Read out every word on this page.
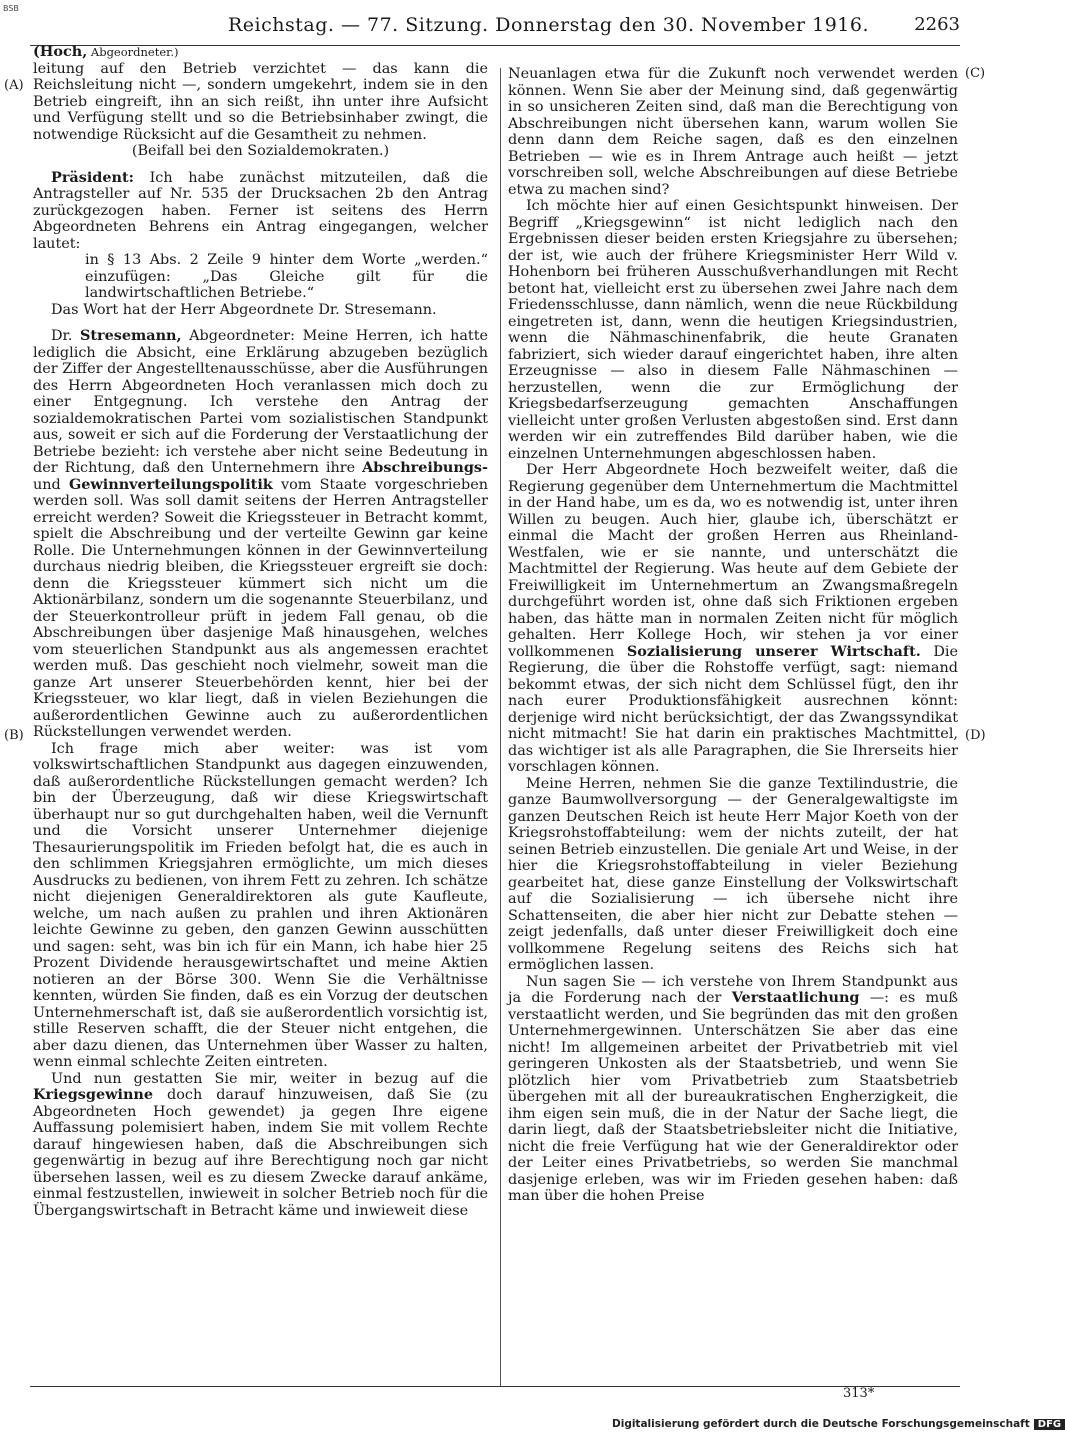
BSB
Reichstag. — 77. Sitzung. Donnerstag den 30. November 1916.	2263
(A)
(B)
(C)
(D)

(Hoch, Abgeordneter.)

leitung auf den Betrieb verzichtet — das kann die Reichsleitung nicht —, sondern umgekehrt, indem sie in den Betrieb eingreift, ihn an sich reißt, ihn unter ihre Aufsicht und Verfügung stellt und so die Betriebsinhaber zwingt, die notwendige Rücksicht auf die Gesamtheit zu nehmen.

(Beifall bei den Sozialdemokraten.)

Präsident: Ich habe zunächst mitzuteilen, daß die Antragsteller auf Nr. 535 der Drucksachen 2b den Antrag zurückgezogen haben. Ferner ist seitens des Herrn Abgeordneten Behrens ein Antrag eingegangen, welcher lautet:

in § 13 Abs. 2 Zeile 9 hinter dem Worte „werden.“ einzufügen: „Das Gleiche gilt für die landwirtschaftlichen Betriebe.“

Das Wort hat der Herr Abgeordnete Dr. Stresemann.

Dr. Stresemann, Abgeordneter: Meine Herren, ich hatte lediglich die Absicht, eine Erklärung abzugeben bezüglich der Ziffer der Angestelltenausschüsse, aber die Ausführungen des Herrn Abgeordneten Hoch veranlassen mich doch zu einer Entgegnung. Ich verstehe den Antrag der sozialdemokratischen Partei vom sozialistischen Standpunkt aus, soweit er sich auf die Forderung der Verstaatlichung der Betriebe bezieht: ich verstehe aber nicht seine Bedeutung in der Richtung, daß den Unternehmern ihre Abschreibungs- und Gewinnverteilungspolitik vom Staate vorgeschrieben werden soll. Was soll damit seitens der Herren Antragsteller erreicht werden? Soweit die Kriegssteuer in Betracht kommt, spielt die Abschreibung und der verteilte Gewinn gar keine Rolle. Die Unternehmungen können in der Gewinnverteilung durchaus niedrig bleiben, die Kriegssteuer ergreift sie doch: denn die Kriegssteuer kümmert sich nicht um die Aktionärbilanz, sondern um die sogenannte Steuerbilanz, und der Steuerkontrolleur prüft in jedem Fall genau, ob die Abschreibungen über dasjenige Maß hinausgehen, welches vom steuerlichen Standpunkt aus als angemessen erachtet werden muß. Das geschieht noch vielmehr, soweit man die ganze Art unserer Steuerbehörden kennt, hier bei der Kriegssteuer, wo klar liegt, daß in vielen Beziehungen die außerordentlichen Gewinne auch zu außerordentlichen Rückstellungen verwendet werden.

Ich frage mich aber weiter: was ist vom volkswirtschaftlichen Standpunkt aus dagegen einzuwenden, daß außerordentliche Rückstellungen gemacht werden? Ich bin der Überzeugung, daß wir diese Kriegswirtschaft überhaupt nur so gut durchgehalten haben, weil die Vernunft und die Vorsicht unserer Unternehmer diejenige Thesaurierungspolitik im Frieden befolgt hat, die es auch in den schlimmen Kriegsjahren ermöglichte, um mich dieses Ausdrucks zu bedienen, von ihrem Fett zu zehren. Ich schätze nicht diejenigen Generaldirektoren als gute Kaufleute, welche, um nach außen zu prahlen und ihren Aktionären leichte Gewinne zu geben, den ganzen Gewinn ausschütten und sagen: seht, was bin ich für ein Mann, ich habe hier 25 Prozent Dividende herausgewirtschaftet und meine Aktien notieren an der Börse 300. Wenn Sie die Verhältnisse kennten, würden Sie finden, daß es ein Vorzug der deutschen Unternehmerschaft ist, daß sie außerordentlich vorsichtig ist, stille Reserven schafft, die der Steuer nicht entgehen, die aber dazu dienen, das Unternehmen über Wasser zu halten, wenn einmal schlechte Zeiten eintreten.

Und nun gestatten Sie mir, weiter in bezug auf die Kriegsgewinne doch darauf hinzuweisen, daß Sie (zu Abgeordneten Hoch gewendet) ja gegen Ihre eigene Auffassung polemisiert haben, indem Sie mit vollem Rechte darauf hingewiesen haben, daß die Abschreibungen sich gegenwärtig in bezug auf ihre Berechtigung noch gar nicht übersehen lassen, weil es zu diesem Zwecke darauf ankäme, einmal festzustellen, inwieweit in solcher Betrieb noch für die Übergangswirtschaft in Betracht käme und inwieweit diese

Neuanlagen etwa für die Zukunft noch verwendet werden können. Wenn Sie aber der Meinung sind, daß gegenwärtig in so unsicheren Zeiten sind, daß man die Berechtigung von Abschreibungen nicht übersehen kann, warum wollen Sie denn dann dem Reiche sagen, daß es den einzelnen Betrieben — wie es in Ihrem Antrage auch heißt — jetzt vorschreiben soll, welche Abschreibungen auf diese Betriebe etwa zu machen sind?

Ich möchte hier auf einen Gesichtspunkt hinweisen. Der Begriff „Kriegsgewinn“ ist nicht lediglich nach den Ergebnissen dieser beiden ersten Kriegsjahre zu übersehen; der ist, wie auch der frühere Kriegsminister Herr Wild v. Hohenborn bei früheren Ausschußverhandlungen mit Recht betont hat, vielleicht erst zu übersehen zwei Jahre nach dem Friedensschlusse, dann nämlich, wenn die neue Rückbildung eingetreten ist, dann, wenn die heutigen Kriegsindustrien, wenn die Nähmaschinenfabrik, die heute Granaten fabriziert, sich wieder darauf eingerichtet haben, ihre alten Erzeugnisse — also in diesem Falle Nähmaschinen — herzustellen, wenn die zur Ermöglichung der Kriegsbedarfserzeugung gemachten Anschaffungen vielleicht unter großen Verlusten abgestoßen sind. Erst dann werden wir ein zutreffendes Bild darüber haben, wie die einzelnen Unternehmungen abgeschlossen haben.

Der Herr Abgeordnete Hoch bezweifelt weiter, daß die Regierung gegenüber dem Unternehmertum die Machtmittel in der Hand habe, um es da, wo es notwendig ist, unter ihren Willen zu beugen. Auch hier, glaube ich, überschätzt er einmal die Macht der großen Herren aus Rheinland-Westfalen, wie er sie nannte, und unterschätzt die Machtmittel der Regierung. Was heute auf dem Gebiete der Freiwilligkeit im Unternehmertum an Zwangsmaßregeln durchgeführt worden ist, ohne daß sich Friktionen ergeben haben, das hätte man in normalen Zeiten nicht für möglich gehalten. Herr Kollege Hoch, wir stehen ja vor einer vollkommenen Sozialisierung unserer Wirtschaft. Die Regierung, die über die Rohstoffe verfügt, sagt: niemand bekommt etwas, der sich nicht dem Schlüssel fügt, den ihr nach eurer Produktionsfähigkeit ausrechnen könnt: derjenige wird nicht berücksichtigt, der das Zwangssyndikat nicht mitmacht! Sie hat darin ein praktisches Machtmittel, das wichtiger ist als alle Paragraphen, die Sie Ihrerseits hier vorschlagen können.

Meine Herren, nehmen Sie die ganze Textilindustrie, die ganze Baumwollversorgung — der Generalgewaltigste im ganzen Deutschen Reich ist heute Herr Major Koeth von der Kriegsrohstoffabteilung: wem der nichts zuteilt, der hat seinen Betrieb einzustellen. Die geniale Art und Weise, in der hier die Kriegsrohstoffabteilung in vieler Beziehung gearbeitet hat, diese ganze Einstellung der Volkswirtschaft auf die Sozialisierung — ich übersehe nicht ihre Schattenseiten, die aber hier nicht zur Debatte stehen — zeigt jedenfalls, daß unter dieser Freiwilligkeit doch eine vollkommene Regelung seitens des Reichs sich hat ermöglichen lassen.

Nun sagen Sie — ich verstehe von Ihrem Standpunkt aus ja die Forderung nach der Verstaatlichung —: es muß verstaatlicht werden, und Sie begründen das mit den großen Unternehmergewinnen. Unterschätzen Sie aber das eine nicht! Im allgemeinen arbeitet der Privatbetrieb mit viel geringeren Unkosten als der Staatsbetrieb, und wenn Sie plötzlich hier vom Privatbetrieb zum Staatsbetrieb übergehen mit all der bureaukratischen Engherzigkeit, die ihm eigen sein muß, die in der Natur der Sache liegt, die darin liegt, daß der Staatsbetriebsleiter nicht die Initiative, nicht die freie Verfügung hat wie der Generaldirektor oder der Leiter eines Privatbetriebs, so werden Sie manchmal dasjenige erleben, was wir im Frieden gesehen haben: daß man über die hohen Preise

313*
Digitalisierung gefördert durch die Deutsche Forschungsgemeinschaft DFG
